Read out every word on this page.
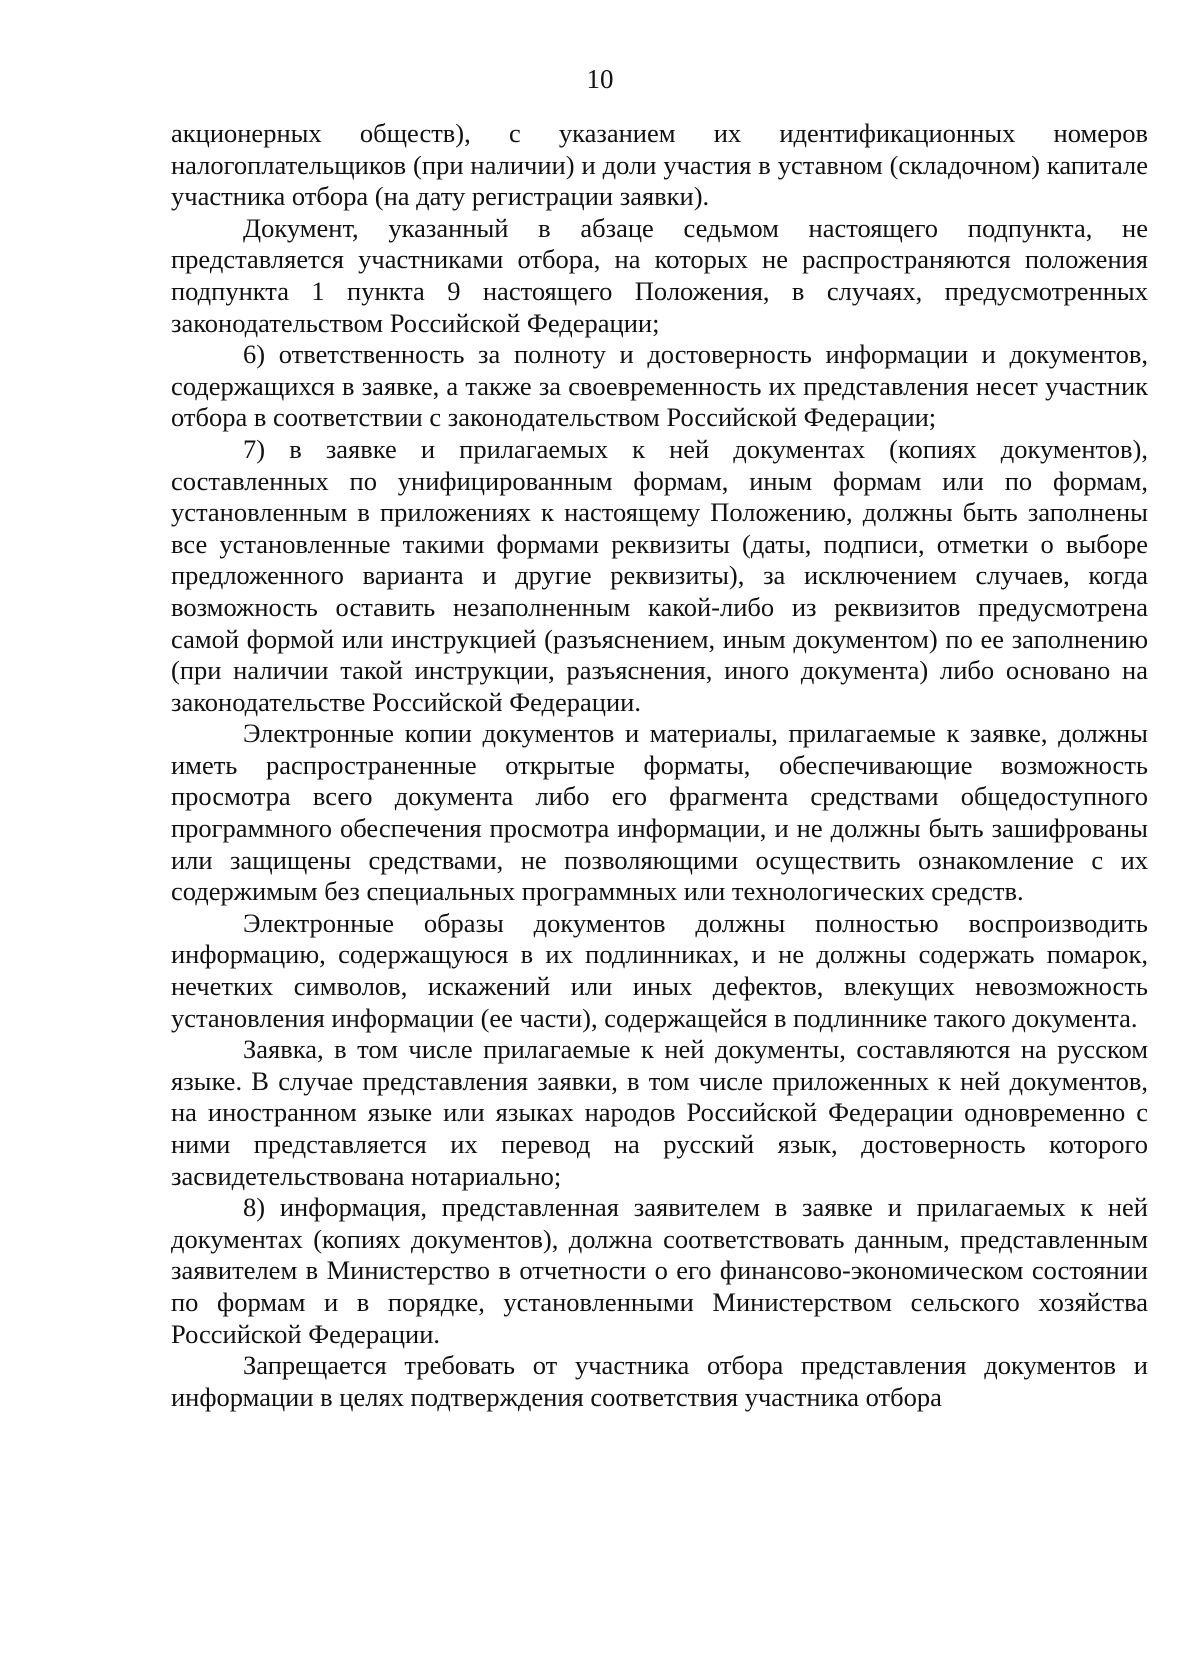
10

акционерных обществ), с указанием их идентификационных номеров налогоплательщиков (при наличии) и доли участия в уставном (складочном) капитале участника отбора (на дату регистрации заявки).

Документ, указанный в абзаце седьмом настоящего подпункта, не представляется участниками отбора, на которых не распространяются положения подпункта 1 пункта 9 настоящего Положения, в случаях, предусмотренных законодательством Российской Федерации;

6) ответственность за полноту и достоверность информации и документов, содержащихся в заявке, а также за своевременность их представления несет участник отбора в соответствии с законодательством Российской Федерации;

7) в заявке и прилагаемых к ней документах (копиях документов), составленных по унифицированным формам, иным формам или по формам, установленным в приложениях к настоящему Положению, должны быть заполнены все установленные такими формами реквизиты (даты, подписи, отметки о выборе предложенного варианта и другие реквизиты), за исключением случаев, когда возможность оставить незаполненным какой-либо из реквизитов предусмотрена самой формой или инструкцией (разъяснением, иным документом) по ее заполнению (при наличии такой инструкции, разъяснения, иного документа) либо основано на законодательстве Российской Федерации.

Электронные копии документов и материалы, прилагаемые к заявке, должны иметь распространенные открытые форматы, обеспечивающие возможность просмотра всего документа либо его фрагмента средствами общедоступного программного обеспечения просмотра информации, и не должны быть зашифрованы или защищены средствами, не позволяющими осуществить ознакомление с их содержимым без специальных программных или технологических средств.

Электронные образы документов должны полностью воспроизводить информацию, содержащуюся в их подлинниках, и не должны содержать помарок, нечетких символов, искажений или иных дефектов, влекущих невозможность установления информации (ее части), содержащейся в подлиннике такого документа.

Заявка, в том числе прилагаемые к ней документы, составляются на русском языке. В случае представления заявки, в том числе приложенных к ней документов, на иностранном языке или языках народов Российской Федерации одновременно с ними представляется их перевод на русский язык, достоверность которого засвидетельствована нотариально;

8) информация, представленная заявителем в заявке и прилагаемых к ней документах (копиях документов), должна соответствовать данным, представленным заявителем в Министерство в отчетности о его финансово-экономическом состоянии по формам и в порядке, установленными Министерством сельского хозяйства Российской Федерации.

Запрещается требовать от участника отбора представления документов и информации в целях подтверждения соответствия участника отбора
